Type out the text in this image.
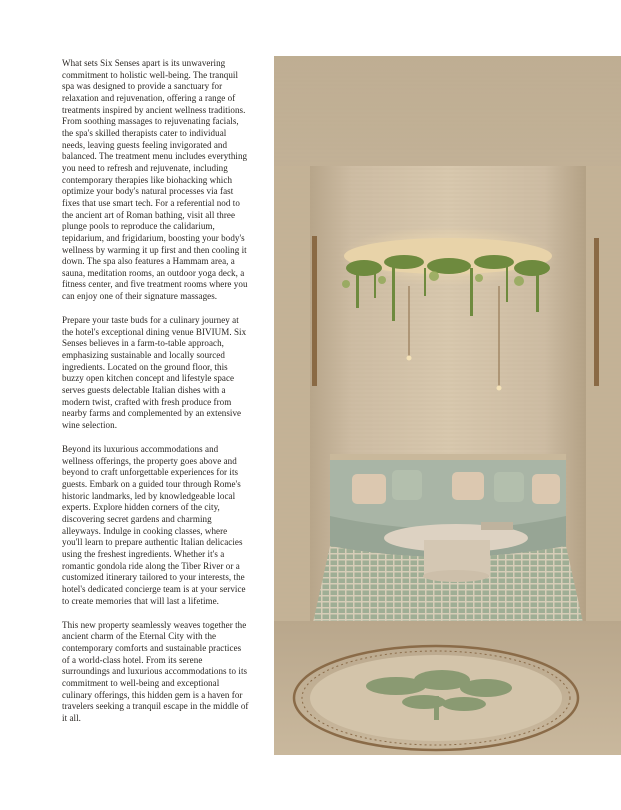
What sets Six Senses apart is its unwavering commitment to holistic well-being. The tranquil spa was designed to provide a sanctuary for relaxation and rejuvenation, offering a range of treatments inspired by ancient wellness traditions. From soothing massages to rejuvenating facials, the spa's skilled therapists cater to individual needs, leaving guests feeling invigorated and balanced. The treatment menu includes everything you need to refresh and rejuvenate, including contemporary therapies like biohacking which optimize your body's natural processes via fast fixes that use smart tech. For a referential nod to the ancient art of Roman bathing, visit all three plunge pools to reproduce the calidarium, tepidarium, and frigidarium, boosting your body's wellness by warming it up first and then cooling it down. The spa also features a Hammam area, a sauna, meditation rooms, an outdoor yoga deck, a fitness center, and five treatment rooms where you can enjoy one of their signature massages.

Prepare your taste buds for a culinary journey at the hotel's exceptional dining venue BIVIUM. Six Senses believes in a farm-to-table approach, emphasizing sustainable and locally sourced ingredients. Located on the ground floor, this buzzy open kitchen concept and lifestyle space serves guests delectable Italian dishes with a modern twist, crafted with fresh produce from nearby farms and complemented by an extensive wine selection.

Beyond its luxurious accommodations and wellness offerings, the property goes above and beyond to craft unforgettable experiences for its guests. Embark on a guided tour through Rome's historic landmarks, led by knowledgeable local experts. Explore hidden corners of the city, discovering secret gardens and charming alleyways. Indulge in cooking classes, where you'll learn to prepare authentic Italian delicacies using the freshest ingredients. Whether it's a romantic gondola ride along the Tiber River or a customized itinerary tailored to your interests, the hotel's dedicated concierge team is at your service to create memories that will last a lifetime.

This new property seamlessly weaves together the ancient charm of the Eternal City with the contemporary comforts and sustainable practices of a world-class hotel. From its serene surroundings and luxurious accommodations to its commitment to well-being and exceptional culinary offerings, this hidden gem is a haven for travelers seeking a tranquil escape in the middle of it all.
